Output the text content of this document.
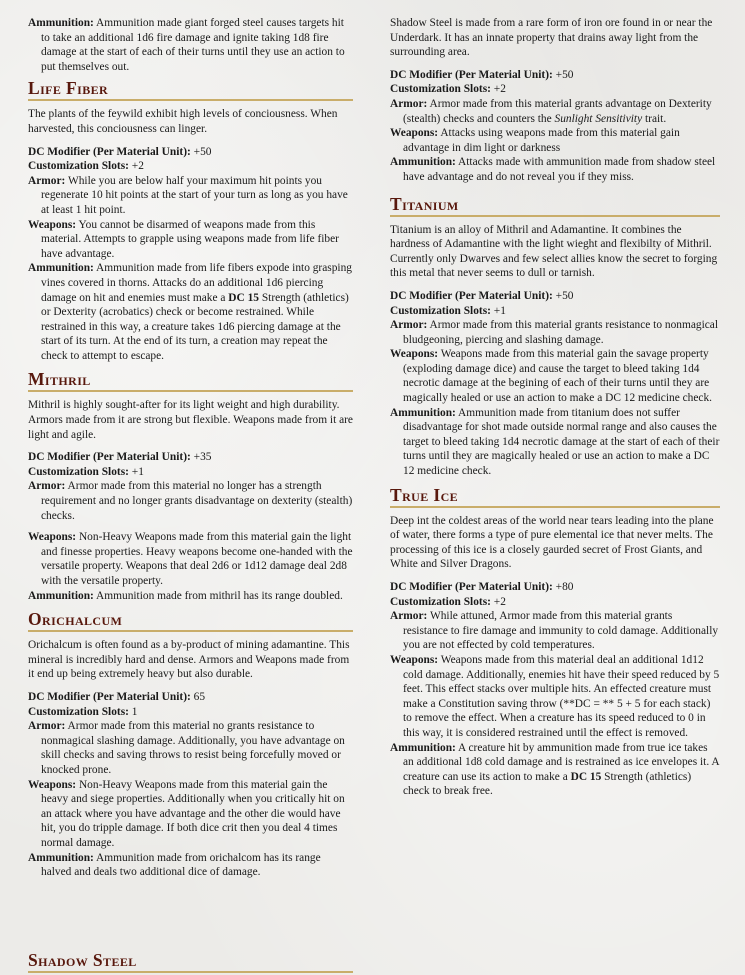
Ammunition: Ammunition made giant forged steel causes targets hit to take an additional 1d6 fire damage and ignite taking 1d8 fire damage at the start of each of their turns until they use an action to put themselves out.

Life Fiber

The plants of the feywild exhibit high levels of conciousness. When harvested, this conciousness can linger.

DC Modifier (Per Material Unit): +50

Customization Slots: +2

Armor: While you are below half your maximum hit points you regenerate 10 hit points at the start of your turn as long as you have at least 1 hit point.

Weapons: You cannot be disarmed of weapons made from this material. Attempts to grapple using weapons made from life fiber have advantage.

Ammunition: Ammunition made from life fibers expode into grasping vines covered in thorns. Attacks do an additional 1d6 piercing damage on hit and enemies must make a DC 15 Strength (athletics) or Dexterity (acrobatics) check or become restrained. While restrained in this way, a creature takes 1d6 piercing damage at the start of its turn. At the end of its turn, a creation may repeat the check to attempt to escape.

Mithril

Mithril is highly sought-after for its light weight and high durability. Armors made from it are strong but flexible. Weapons made from it are light and agile.

DC Modifier (Per Material Unit): +35

Customization Slots: +1

Armor: Armor made from this material no longer has a strength requirement and no longer grants disadvantage on dexterity (stealth) checks.

Weapons: Non-Heavy Weapons made from this material gain the light and finesse properties. Heavy weapons become one-handed with the versatile property. Weapons that deal 2d6 or 1d12 damage deal 2d8 with the versatile property.

Ammunition: Ammunition made from mithril has its range doubled.

Orichalcum

Orichalcum is often found as a by-product of mining adamantine. This mineral is incredibly hard and dense. Armors and Weapons made from it end up being extremely heavy but also durable.

DC Modifier (Per Material Unit): 65

Customization Slots: 1

Armor: Armor made from this material no grants resistance to nonmagical slashing damage. Additionally, you have advantage on skill checks and saving throws to resist being forcefully moved or knocked prone.

Weapons: Non-Heavy Weapons made from this material gain the heavy and siege properties. Additionally when you critically hit on an attack where you have advantage and the other die would have hit, you do tripple damage. If both dice crit then you deal 4 times normal damage.

Ammunition: Ammunition made from orichalcom has its range halved and deals two additional dice of damage.

Shadow Steel

Shadow Steel is made from a rare form of iron ore found in or near the Underdark. It has an innate property that drains away light from the surrounding area.

DC Modifier (Per Material Unit): +50

Customization Slots: +2

Armor: Armor made from this material grants advantage on Dexterity (stealth) checks and counters the Sunlight Sensitivity trait.

Weapons: Attacks using weapons made from this material gain advantage in dim light or darkness

Ammunition: Attacks made with ammunition made from shadow steel have advantage and do not reveal you if they miss.

Titanium

Titanium is an alloy of Mithril and Adamantine. It combines the hardness of Adamantine with the light wieght and flexibilty of Mithril. Currently only Dwarves and few select allies know the secret to forging this metal that never seems to dull or tarnish.

DC Modifier (Per Material Unit): +50

Customization Slots: +1

Armor: Armor made from this material grants resistance to nonmagical bludgeoning, piercing and slashing damage.

Weapons: Weapons made from this material gain the savage property (exploding damage dice) and cause the target to bleed taking 1d4 necrotic damage at the begining of each of their turns until they are magically healed or use an action to make a DC 12 medicine check.

Ammunition: Ammunition made from titanium does not suffer disadvantage for shot made outside normal range and also causes the target to bleed taking 1d4 necrotic damage at the start of each of their turns until they are magically healed or use an action to make a DC 12 medicine check.

True Ice

Deep int the coldest areas of the world near tears leading into the plane of water, there forms a type of pure elemental ice that never melts. The processing of this ice is a closely gaurded secret of Frost Giants, and White and Silver Dragons.

DC Modifier (Per Material Unit): +80

Customization Slots: +2

Armor: While attuned, Armor made from this material grants resistance to fire damage and immunity to cold damage. Additionally you are not effected by cold temperatures.

Weapons: Weapons made from this material deal an additional 1d12 cold damage. Additionally, enemies hit have their speed reduced by 5 feet. This effect stacks over multiple hits. An effected creature must make a Constitution saving throw (**DC = ** 5 + 5 for each stack) to remove the effect. When a creature has its speed reduced to 0 in this way, it is considered restrained until the effect is removed.

Ammunition: A creature hit by ammunition made from true ice takes an additional 1d8 cold damage and is restrained as ice envelopes it. A creature can use its action to make a DC 15 Strength (athletics) check to break free.
